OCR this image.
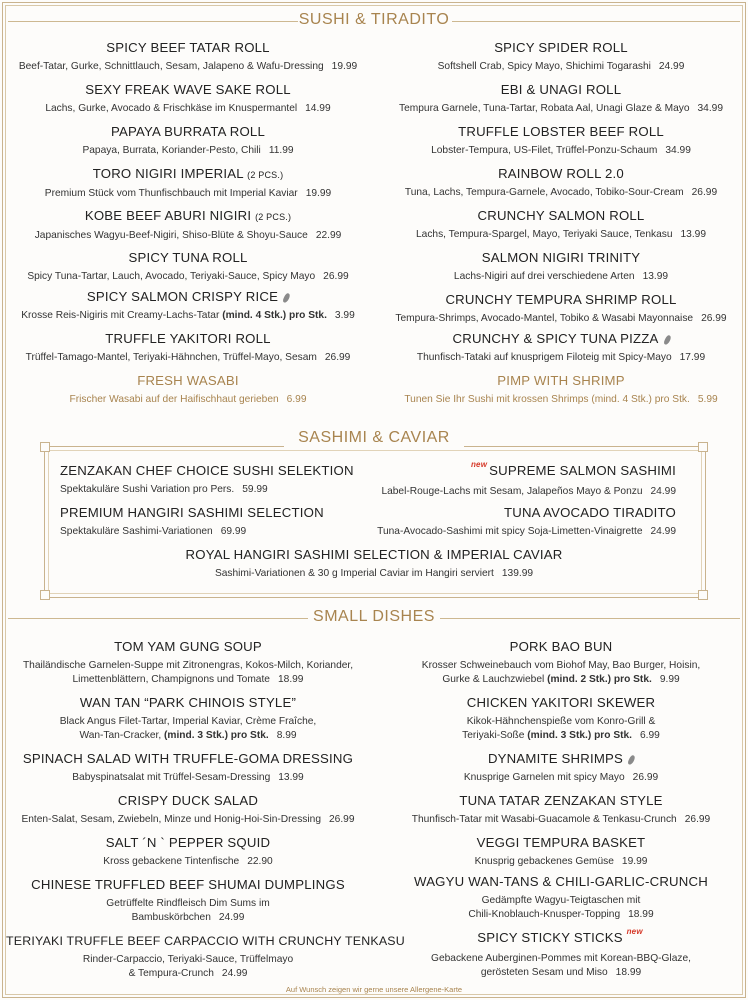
SUSHI & TIRADITO
SPICY BEEF TATAR ROLL
Beef-Tatar, Gurke, Schnittlauch, Sesam, Jalapeno & Wafu-Dressing 19.99
SEXY FREAK WAVE SAKE ROLL
Lachs, Gurke, Avocado & Frischkäse im Knuspermantel 14.99
PAPAYA BURRATA ROLL
Papaya, Burrata, Koriander-Pesto, Chili 11.99
TORO NIGIRI IMPERIAL (2 PCS.)
Premium Stück vom Thunfischbauch mit Imperial Kaviar 19.99
KOBE BEEF ABURI NIGIRI (2 PCS.)
Japanisches Wagyu-Beef-Nigiri, Shiso-Blüte & Shoyu-Sauce 22.99
SPICY TUNA ROLL
Spicy Tuna-Tartar, Lauch, Avocado, Teriyaki-Sauce, Spicy Mayo 26.99
SPICY SALMON CRISPY RICE
Krosse Reis-Nigiris mit Creamy-Lachs-Tatar (mind. 4 Stk.) pro Stk. 3.99
TRUFFLE YAKITORI ROLL
Trüffel-Tamago-Mantel, Teriyaki-Hähnchen, Trüffel-Mayo, Sesam 26.99
FRESH WASABI
Frischer Wasabi auf der Haifischhaut gerieben 6.99
SPICY SPIDER ROLL
Softshell Crab, Spicy Mayo, Shichimi Togarashi 24.99
EBI & UNAGI ROLL
Tempura Garnele, Tuna-Tartar, Robata Aal, Unagi Glaze & Mayo 34.99
TRUFFLE LOBSTER BEEF ROLL
Lobster-Tempura, US-Filet, Trüffel-Ponzu-Schaum 34.99
RAINBOW ROLL 2.0
Tuna, Lachs, Tempura-Garnele, Avocado, Tobiko-Sour-Cream 26.99
CRUNCHY SALMON ROLL
Lachs, Tempura-Spargel, Mayo, Teriyaki Sauce, Tenkasu 13.99
SALMON NIGIRI TRINITY
Lachs-Nigiri auf drei verschiedene Arten 13.99
CRUNCHY TEMPURA SHRIMP ROLL
Tempura-Shrimps, Avocado-Mantel, Tobiko & Wasabi Mayonnaise 26.99
CRUNCHY & SPICY TUNA PIZZA
Thunfisch-Tataki auf knusprigem Filoteig mit Spicy-Mayo 17.99
PIMP WITH SHRIMP
Tunen Sie Ihr Sushi mit krossen Shrimps (mind. 4 Stk.) pro Stk. 5.99
SASHIMI & CAVIAR
ZENZAKAN CHEF CHOICE SUSHI SELEKTION
Spektakuläre Sushi Variation pro Pers. 59.99
PREMIUM HANGIRI SASHIMI SELECTION
Spektakuläre Sashimi-Variationen 69.99
$^{new}$ SUPREME SALMON SASHIMI
Label-Rouge-Lachs mit Sesam, Jalapeños Mayo & Ponzu 24.99
TUNA AVOCADO TIRADITO
Tuna-Avocado-Sashimi mit spicy Soja-Limetten-Vinaigrette 24.99
ROYAL HANGIRI SASHIMI SELECTION & IMPERIAL CAVIAR
Sashimi-Variationen & 30 g Imperial Caviar im Hangiri serviert 139.99
SMALL DISHES
TOM YAM GUNG SOUP
Thailändische Garnelen-Suppe mit Zitronengras, Kokos-Milch, Koriander,
Limettenblättern, Champignons und Tomate 18.99
WAN TAN “PARK CHINOIS STYLE”
Black Angus Filet-Tartar, Imperial Kaviar, Crème Fraîche,
Wan-Tan-Cracker, (mind. 3 Stk.) pro Stk. 8.99
SPINACH SALAD WITH TRUFFLE-GOMA DRESSING
Babyspinatsalat mit Trüffel-Sesam-Dressing 13.99
CRISPY DUCK SALAD
Enten-Salat, Sesam, Zwiebeln, Minze und Honig-Hoi-Sin-Dressing 26.99
SALT ´N ` PEPPER SQUID
Kross gebackene Tintenfische 22.90
CHINESE TRUFFLED BEEF SHUMAI DUMPLINGS
Getrüffelte Rindfleisch Dim Sums im
Bambuskörbchen 24.99
TERIYAKI TRUFFLE BEEF CARPACCIO WITH CRUNCHY TENKASU
Rinder-Carpaccio, Teriyaki-Sauce, Trüffelmayo
& Tempura-Crunch 24.99
PORK BAO BUN
Krosser Schweinebauch vom Biohof May, Bao Burger, Hoisin,
Gurke & Lauchzwiebel (mind. 2 Stk.) pro Stk. 9.99
CHICKEN YAKITORI SKEWER
Kikok-Hähnchenspieße vom Konro-Grill &
Teriyaki-Soße (mind. 3 Stk.) pro Stk. 6.99
DYNAMITE SHRIMPS
Knusprige Garnelen mit spicy Mayo 26.99
TUNA TATAR ZENZAKAN STYLE
Thunfisch-Tatar mit Wasabi-Guacamole & Tenkasu-Crunch 26.99
VEGGI TEMPURA BASKET
Knusprig gebackenes Gemüse 19.99
WAGYU WAN-TANS & CHILI-GARLIC-CRUNCH
Gedämpfte Wagyu-Teigtaschen mit
Chili-Knoblauch-Knusper-Topping 18.99
SPICY STICKY STICKS $^{new}$
Gebackene Auberginen-Pommes mit Korean-BBQ-Glaze,
gerösteten Sesam und Miso 18.99
Auf Wunsch zeigen wir gerne unsere Allergene-Karte
